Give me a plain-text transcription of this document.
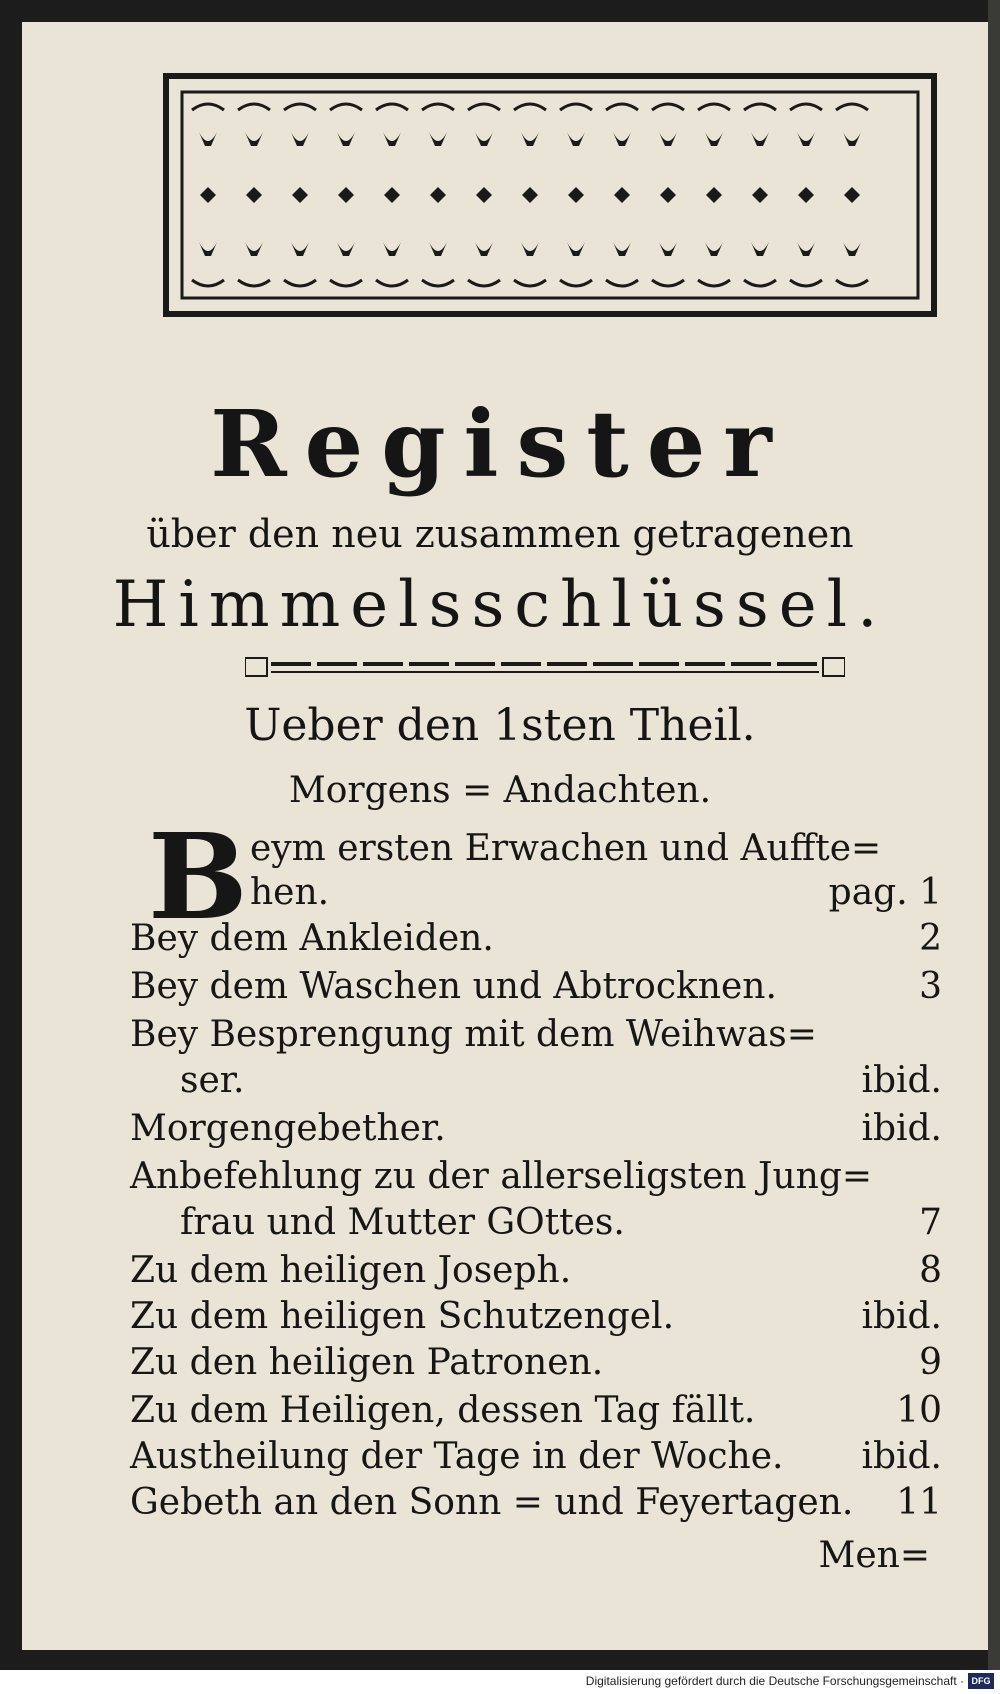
Register
über den neu zusammen getragenen
Himmelsschlüssel.
Ueber den 1sten Theil.
Morgens = Andachten.
B eym ersten Erwachen und Auffte=
hen.	pag. 1
Bey dem Ankleiden.	2
Bey dem Waschen und Abtrocknen.	3
Bey Besprengung mit dem Weihwas=
ser.	ibid.
Morgengebether.	ibid.
Anbefehlung zu der allerseligsten Jung=
frau und Mutter GOttes.	7
Zu dem heiligen Joseph.	8
Zu dem heiligen Schutzengel.	ibid.
Zu den heiligen Patronen.	9
Zu dem Heiligen, dessen Tag fällt.	10
Austheilung der Tage in der Woche. ibid.
Gebeth an den Sonn = und Feyertagen. 11
Men=
Digitalisierung gefördert durch die Deutsche Forschungsgemeinschaft · DFG
